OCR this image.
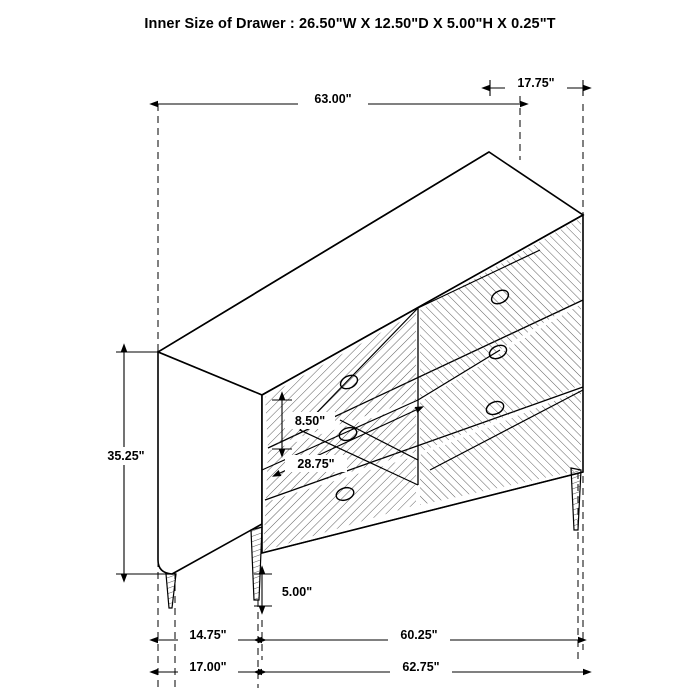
Inner Size of Drawer : 26.50"W X 12.50"D X 5.00"H X 0.25"T
63.00"
17.75"
35.25"
8.50"
28.75"
5.00"
14.75"	60.25"
17.00"	62.75"
